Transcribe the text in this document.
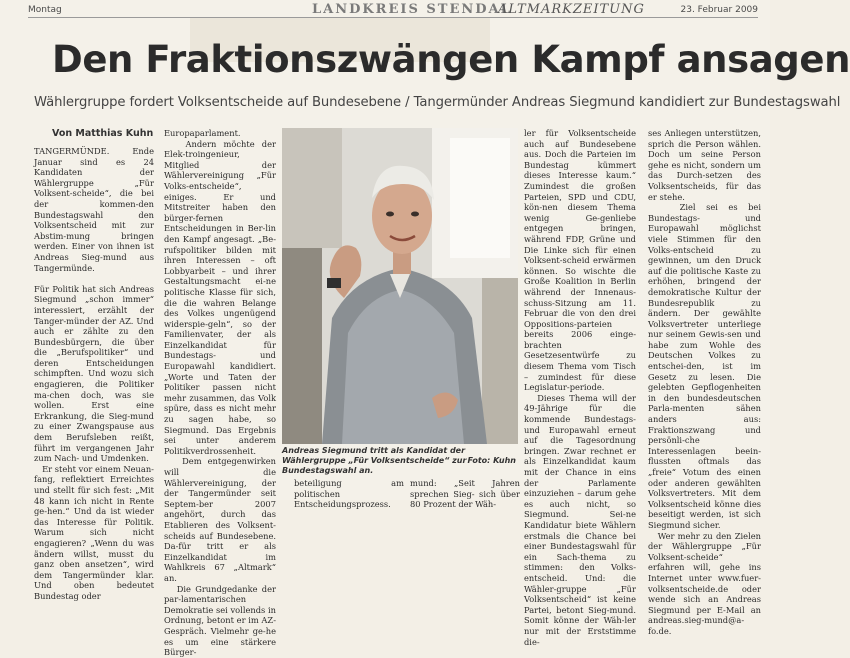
Montag	LANDKREIS STENDAL
ALTMARKZEITUNG	23. Februar 2009
Den Fraktionszwängen Kampf ansagen
Wählergruppe fordert Volksentscheide auf Bundesebene / Tangermünder Andreas Siegmund kandidiert zur Bundestagswahl
Von Matthias Kuhn
TANGERMÜNDE. Ende Januar sind es 24 Kandidaten der Wählergruppe „Für Volksent-scheide“, die bei der kommen-den Bundestagswahl den Volksentscheid mit zur Abstim-mung bringen werden. Einer von ihnen ist Andreas Sieg-mund aus Tangermünde.

Für Politik hat sich Andreas Siegmund „schon immer“ interessiert, erzählt der Tanger-münder der AZ. Und auch er zählte zu den Bundesbürgern, die über die „Berufspolitiker“ und deren Entscheidungen schimpften. Und wozu sich engagieren, die Politiker ma-chen doch, was sie wollen. Erst eine Erkrankung, die Sieg-mund zu einer Zwangspause aus dem Berufsleben reißt, führt im vergangenen Jahr zum Nach- und Umdenken.
Er steht vor einem Neuan-fang, reflektiert Erreichtes und stellt für sich fest: „Mit 48 kann ich nicht in Rente ge-hen.“ Und da ist wieder das Interesse für Politik. Warum sich nicht engagieren? „Wenn du was ändern willst, musst du ganz oben ansetzen“, wird dem Tangermünder klar. Und oben bedeutet Bundestag oder
Europaparlament.
Andern möchte der Elek-troingenieur, Mitglied der Wählervereinigung „Für Volks-entscheide“, einiges. Er und Mitstreiter haben den bürger-fernen Entscheidungen in Ber-lin den Kampf angesagt. „Be-rufspolitiker bilden mit ihren Interessen – oft Lobbyarbeit – und ihrer Gestaltungsmacht ei-ne politische Klasse für sich, die die wahren Belange des Volkes ungenügend widerspie-geln“, so der Familienvater, der als Einzelkandidat für Bundestags- und Europawahl kandidiert. „Worte und Taten der Politiker passen nicht mehr zusammen, das Volk spüre, dass es nicht mehr zu sagen habe, so Siegmund. Das Ergebnis sei unter anderem Politikverdrossenheit.
Dem entgegenwirken will die Wählervereinigung, der der Tangermünder seit Septem-ber 2007 angehört, durch das Etablieren des Volksent-scheids auf Bundesebene. Da-für tritt er als Einzelkandidat im Wahlkreis 67 „Altmark“ an.
Die Grundgedanke der par-lamentarischen Demokratie sei vollends in Ordnung, betont er im AZ-Gespräch. Vielmehr ge-he es um eine stärkere Bürger-
Andreas Siegmund tritt als Kandidat der Wählergruppe „Für Volksentscheide“ zur Bundestagswahl an.
Foto: Kuhn
beteiligung am politischen Entscheidungsprozess.
mund: „Seit Jahren sprechen Sieg- sich über 80 Prozent der Wäh-
ler für Volksentscheide auch auf Bundesebene aus. Doch die Parteien im Bundestag kümmert dieses Interesse kaum.“ Zumindest die großen Parteien, SPD und CDU, kön-nen diesem Thema wenig Ge-genliebe entgegen bringen, während FDP, Grüne und Die Linke sich für einen Volksent-scheid erwärmen können. So wischte die Große Koalition in Berlin während der Innenaus-schuss-Sitzung am 11. Februar die von den drei Oppositions-parteien bereits 2006 einge-brachten Gesetzesentwürfe zu diesem Thema vom Tisch – zumindest für diese Legislatur-periode.
Dieses Thema will der 49-Jährige für die kommende Bundestags- und Europawahl erneut auf die Tagesordnung bringen. Zwar rechnet er als Einzelkandidat kaum mit der Chance in eins der Parlamente einzuziehen – darum gehe es auch nicht, so Siegmund. Sei-ne Kandidatur biete Wählern erstmals die Chance bei einer Bundestagswahl für ein Sach-thema zu stimmen: den Volks-entscheid. Und: die Wähler-gruppe „Für Volksentscheid“ ist keine Partei, betont Sieg-mund. Somit könne der Wäh-ler nur mit der Erststimme die-
ses Anliegen unterstützen, sprich die Person wählen. Doch um seine Person gehe es nicht, sondern um das Durch-setzen des Volksentscheids, für das er stehe.
Ziel sei es bei Bundestags- und Europawahl möglichst viele Stimmen für den Volks-entscheid zu gewinnen, um den Druck auf die politische Kaste zu erhöhen, bringend der demokratische Kultur der Bundesrepublik zu ändern. Der gewählte Volksvertreter unterliege nur seinem Gewis-sen und habe zum Wohle des Deutschen Volkes zu entschei-den, ist im Gesetz zu lesen. Die gelebten Gepflogenheiten in den bundesdeutschen Parla-menten sähen anders aus: Fraktionszwang und persönli-che Interessenlagen beein-flussten oftmals das „freie“ Votum des einen oder anderen gewählten Volksvertreters. Mit dem Volksentscheid könne dies beseitigt werden, ist sich Siegmund sicher.
Wer mehr zu den Zielen der Wählergruppe „Für Volksent-scheide“ erfahren will, gehe ins Internet unter www.fuer-volksentscheide.de oder wende sich an Andreas Siegmund per E-Mail an andreas.sieg-mund@a-fo.de.
